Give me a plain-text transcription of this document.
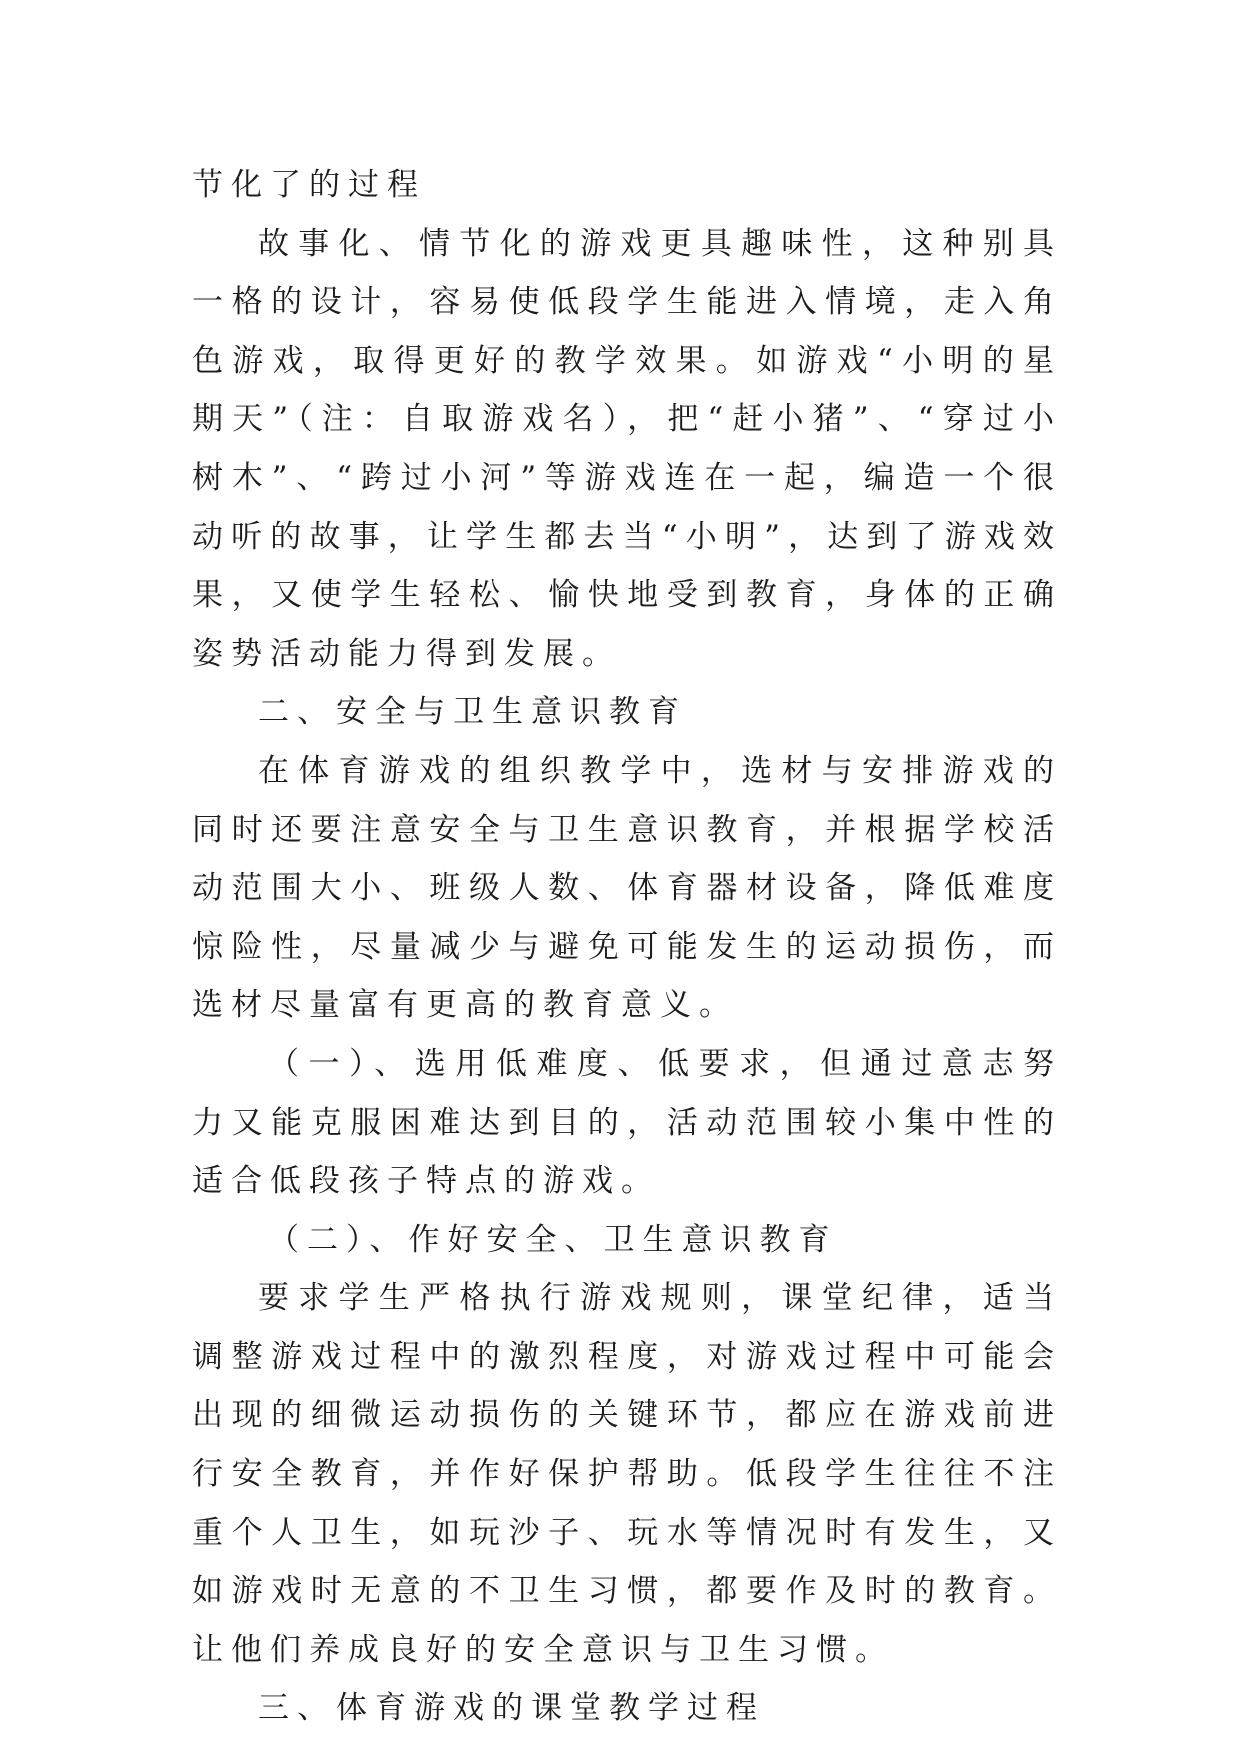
节化了的过程

故事化、情节化的游戏更具趣味性，这种别具一格的设计，容易使低段学生能进入情境，走入角色游戏，取得更好的教学效果。如游戏“小明的星期天”（注：自取游戏名），把“赶小猪”、“穿过小树木”、“跨过小河”等游戏连在一起，编造一个很动听的故事，让学生都去当“小明”，达到了游戏效果，又使学生轻松、愉快地受到教育，身体的正确姿势活动能力得到发展。

二、安全与卫生意识教育

在体育游戏的组织教学中，选材与安排游戏的同时还要注意安全与卫生意识教育，并根据学校活动范围大小、班级人数、体育器材设备，降低难度惊险性，尽量减少与避免可能发生的运动损伤，而选材尽量富有更高的教育意义。

（一）、选用低难度、低要求，但通过意志努力又能克服困难达到目的，活动范围较小集中性的适合低段孩子特点的游戏。

（二）、作好安全、卫生意识教育

要求学生严格执行游戏规则，课堂纪律，适当调整游戏过程中的激烈程度，对游戏过程中可能会出现的细微运动损伤的关键环节，都应在游戏前进行安全教育，并作好保护帮助。低段学生往往不注重个人卫生，如玩沙子、玩水等情况时有发生，又如游戏时无意的不卫生习惯，都要作及时的教育。让他们养成良好的安全意识与卫生习惯。

三、体育游戏的课堂教学过程
